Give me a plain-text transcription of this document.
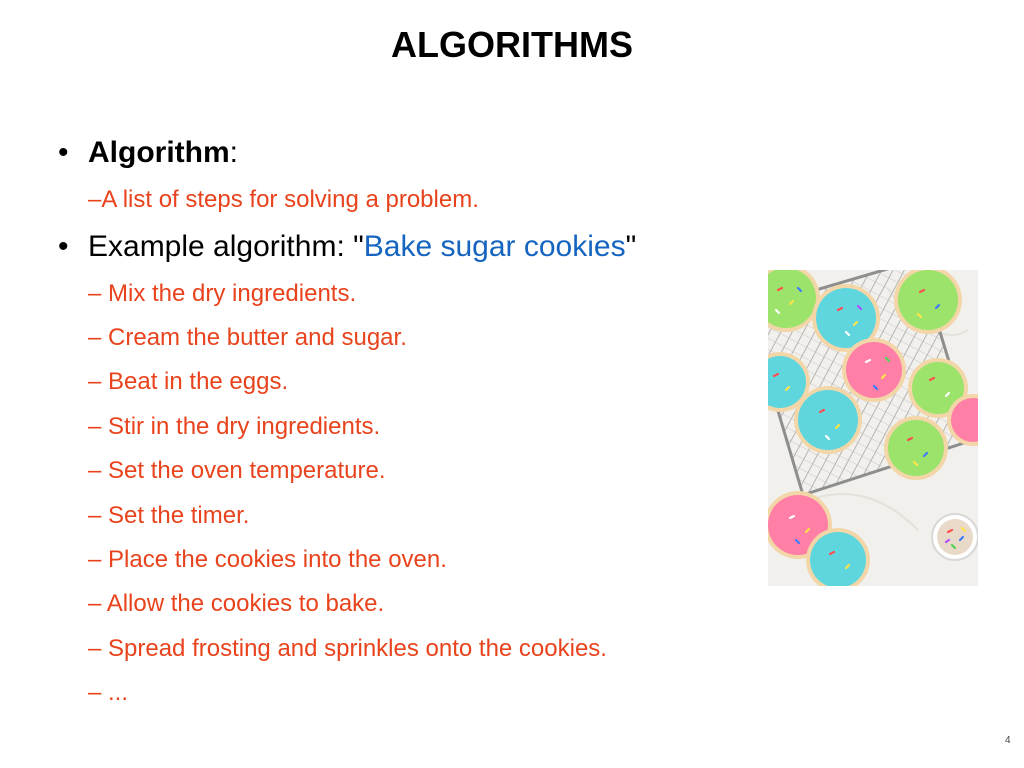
ALGORITHMS
• Algorithm:
–A list of steps for solving a problem.
• Example algorithm: "Bake sugar cookies"
– Mix the dry ingredients.
– Cream the butter and sugar.
– Beat in the eggs.
– Stir in the dry ingredients.
– Set the oven temperature.
– Set the timer.
– Place the cookies into the oven.
– Allow the cookies to bake.
– Spread frosting and sprinkles onto the cookies.
– ...
4
